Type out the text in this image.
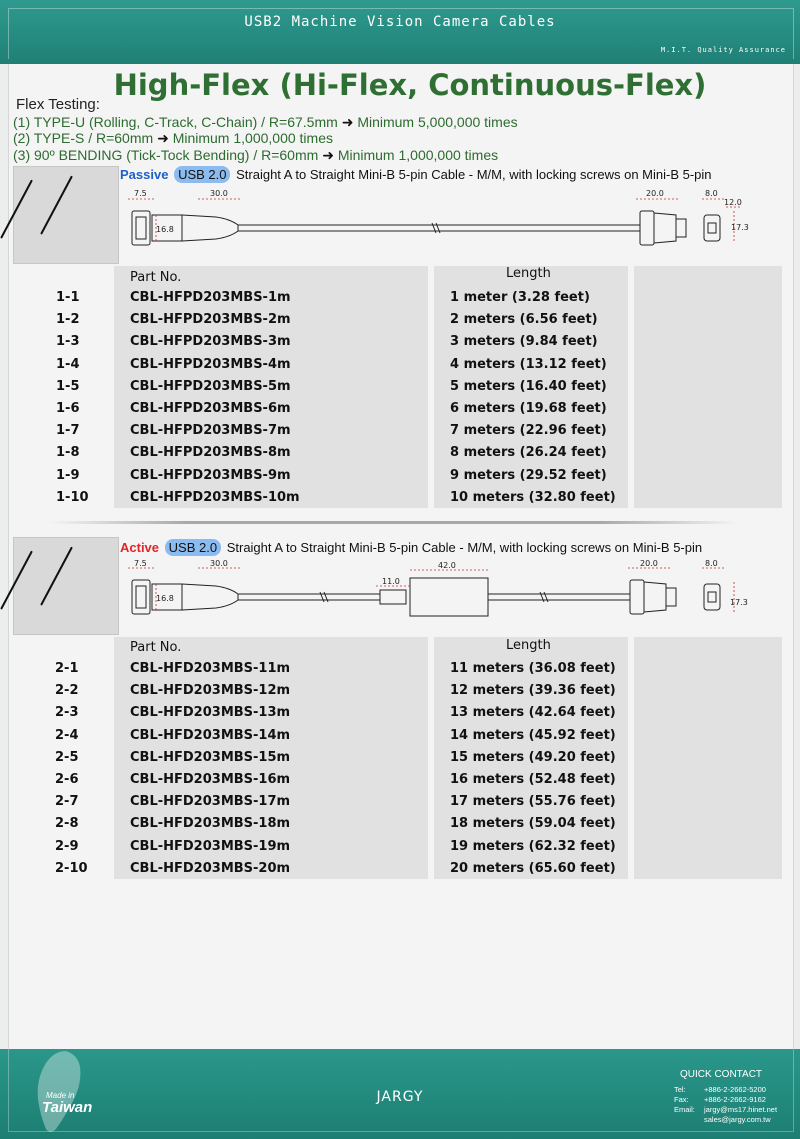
USB2 Machine Vision Camera Cables
M.I.T. Quality Assurance
High-Flex (Hi-Flex, Continuous-Flex)
Flex Testing:
(1) TYPE-U (Rolling, C-Track, C-Chain) / R=67.5mm ➜ Minimum 5,000,000 times
(2) TYPE-S / R=60mm ➜ Minimum 1,000,000 times
(3) 90º BENDING (Tick-Tock Bending) / R=60mm ➜ Minimum 1,000,000 times
Passive USB 2.0 Straight A to Straight Mini-B 5-pin Cable - M/M, with locking screws on Mini-B 5-pin
7.5	30.0
16.8
20.0	8.0
12.0
17.3
Part No.	Length
1-1	CBL-HFPD203MBS-1m	1 meter (3.28 feet)
1-2	CBL-HFPD203MBS-2m	2 meters (6.56 feet)
1-3	CBL-HFPD203MBS-3m	3 meters (9.84 feet)
1-4	CBL-HFPD203MBS-4m	4 meters (13.12 feet)
1-5	CBL-HFPD203MBS-5m	5 meters (16.40 feet)
1-6	CBL-HFPD203MBS-6m	6 meters (19.68 feet)
1-7	CBL-HFPD203MBS-7m	7 meters (22.96 feet)
1-8	CBL-HFPD203MBS-8m	8 meters (26.24 feet)
1-9	CBL-HFPD203MBS-9m	9 meters (29.52 feet)
1-10	CBL-HFPD203MBS-10m	10 meters (32.80 feet)
Active USB 2.0 Straight A to Straight Mini-B 5-pin Cable - M/M, with locking screws on Mini-B 5-pin
7.5	30.0
16.8
11.0
42.0	20.0	8.0
17.3
Part No.	Length
2-1	CBL-HFD203MBS-11m	11 meters (36.08 feet)
2-2	CBL-HFD203MBS-12m	12 meters (39.36 feet)
2-3	CBL-HFD203MBS-13m	13 meters (42.64 feet)
2-4	CBL-HFD203MBS-14m	14 meters (45.92 feet)
2-5	CBL-HFD203MBS-15m	15 meters (49.20 feet)
2-6	CBL-HFD203MBS-16m	16 meters (52.48 feet)
2-7	CBL-HFD203MBS-17m	17 meters (55.76 feet)
2-8	CBL-HFD203MBS-18m	18 meters (59.04 feet)
2-9	CBL-HFD203MBS-19m	19 meters (62.32 feet)
2-10	CBL-HFD203MBS-20m	20 meters (65.60 feet)
Made in
Taiwan
JARGY
QUICK CONTACT
Tel: +886-2-2662-5200
Fax: +886-2-2662-9162
Email: jargy@ms17.hinet.net
sales@jargy.com.tw
